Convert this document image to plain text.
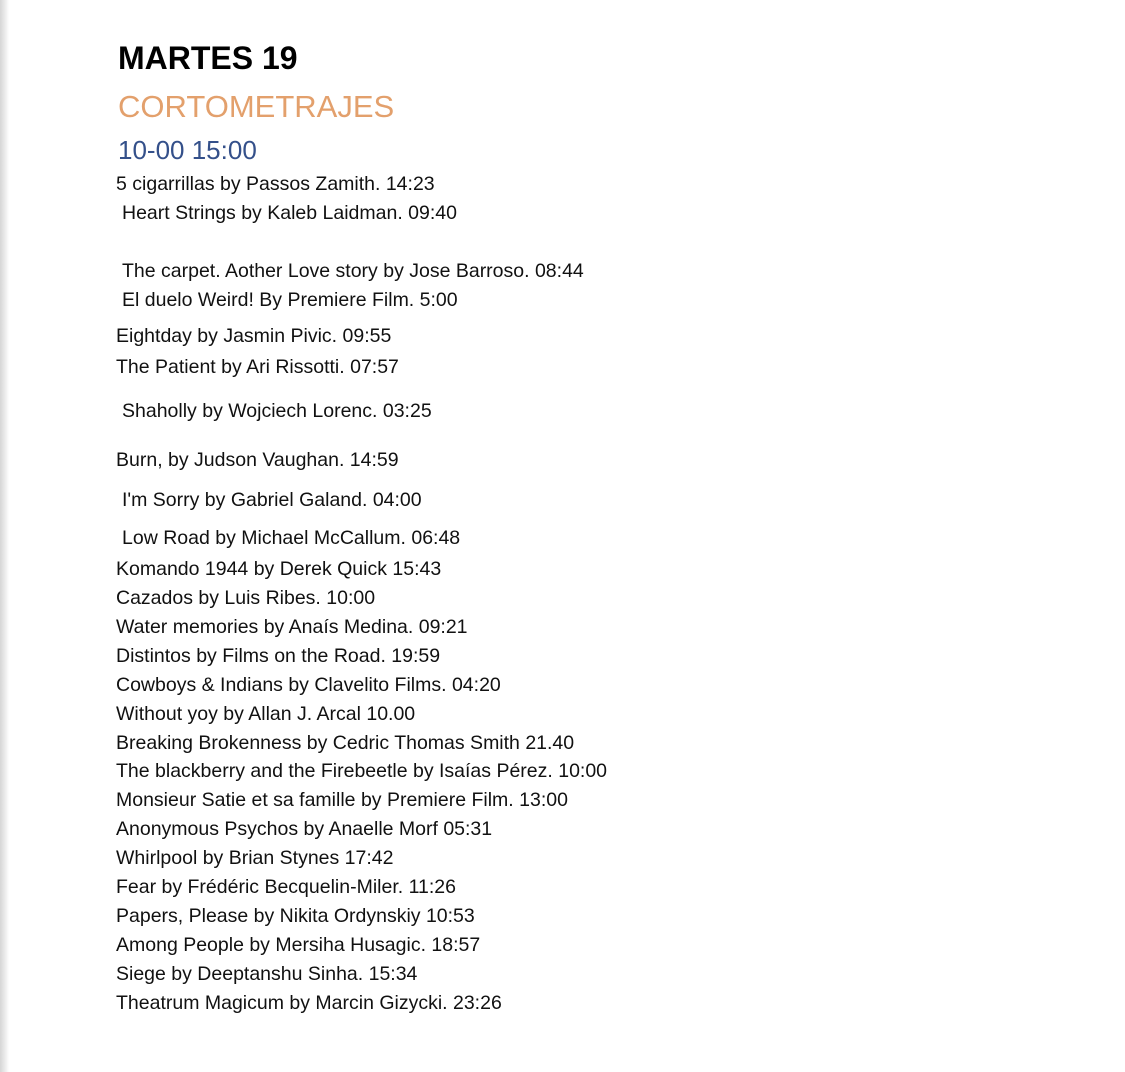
MARTES 19
CORTOMETRAJES
10-00 15:00
5 cigarrillas by Passos Zamith. 14:23
Heart Strings by Kaleb Laidman. 09:40
The carpet. Aother Love story by Jose Barroso. 08:44
El duelo Weird! By Premiere Film. 5:00
Eightday by Jasmin Pivic. 09:55
The Patient by Ari Rissotti. 07:57
Shaholly by Wojciech Lorenc. 03:25
Burn, by Judson Vaughan. 14:59
I'm Sorry by Gabriel Galand. 04:00
Low Road by Michael McCallum. 06:48
Komando 1944 by Derek Quick 15:43
Cazados by Luis Ribes. 10:00
Water memories by Anaís Medina. 09:21
Distintos by Films on the Road. 19:59
Cowboys & Indians by Clavelito Films. 04:20
Without yoy by Allan J. Arcal 10.00
Breaking Brokenness by Cedric Thomas Smith 21.40
The blackberry and the Firebeetle by Isaías Pérez. 10:00
Monsieur Satie et sa famille by Premiere Film. 13:00
Anonymous Psychos by Anaelle Morf 05:31
Whirlpool by Brian Stynes 17:42
Fear by Frédéric Becquelin-Miler. 11:26
Papers, Please by Nikita Ordynskiy 10:53
Among People by Mersiha Husagic. 18:57
Siege by Deeptanshu Sinha. 15:34
Theatrum Magicum by Marcin Gizycki. 23:26
